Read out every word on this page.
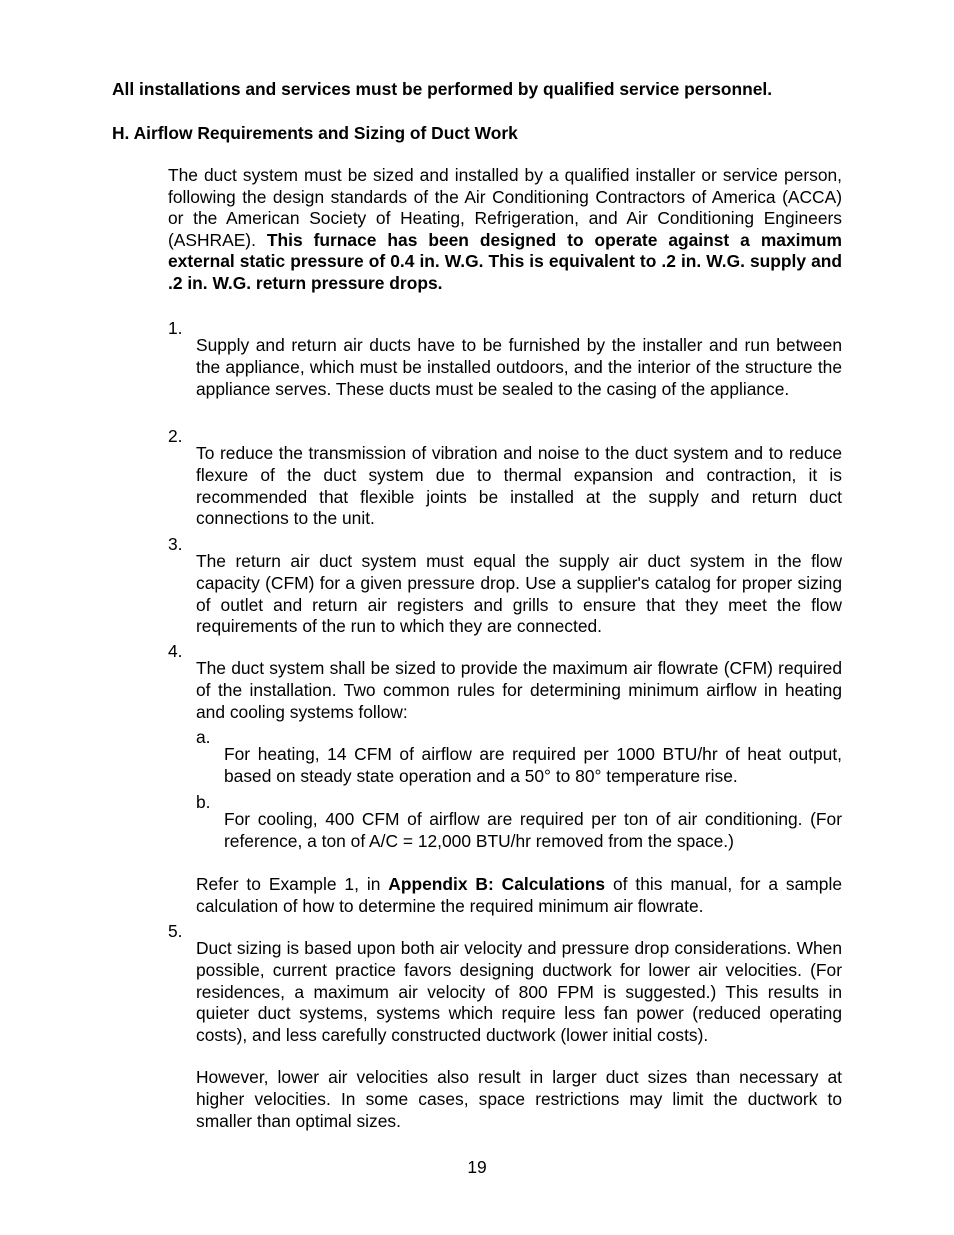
All installations and services must be performed by qualified service personnel.

H. Airflow Requirements and Sizing of Duct Work

The duct system must be sized and installed by a qualified installer or service person, following the design standards of the Air Conditioning Contractors of America (ACCA) or the American Society of Heating, Refrigeration, and Air Conditioning Engineers (ASHRAE). This furnace has been designed to operate against a maximum external static pressure of 0.4 in. W.G. This is equivalent to .2 in. W.G. supply and .2 in. W.G. return pressure drops.

1.

Supply and return air ducts have to be furnished by the installer and run between the appliance, which must be installed outdoors, and the interior of the structure the appliance serves. These ducts must be sealed to the casing of the appliance.

2.

To reduce the transmission of vibration and noise to the duct system and to reduce flexure of the duct system due to thermal expansion and contraction, it is recommended that flexible joints be installed at the supply and return duct connections to the unit.

3.

The return air duct system must equal the supply air duct system in the flow capacity (CFM) for a given pressure drop. Use a supplier's catalog for proper sizing of outlet and return air registers and grills to ensure that they meet the flow requirements of the run to which they are connected.

4.

The duct system shall be sized to provide the maximum air flowrate (CFM) required of the installation. Two common rules for determining minimum airflow in heating and cooling systems follow:

a.

For heating, 14 CFM of airflow are required per 1000 BTU/hr of heat output, based on steady state operation and a 50° to 80° temperature rise.

b.

For cooling, 400 CFM of airflow are required per ton of air conditioning. (For reference, a ton of A/C = 12,000 BTU/hr removed from the space.)

Refer to Example 1, in Appendix B: Calculations of this manual, for a sample calculation of how to determine the required minimum air flowrate.

5.

Duct sizing is based upon both air velocity and pressure drop considerations. When possible, current practice favors designing ductwork for lower air velocities. (For residences, a maximum air velocity of 800 FPM is suggested.) This results in quieter duct systems, systems which require less fan power (reduced operating costs), and less carefully constructed ductwork (lower initial costs).

However, lower air velocities also result in larger duct sizes than necessary at higher velocities. In some cases, space restrictions may limit the ductwork to smaller than optimal sizes.

19
